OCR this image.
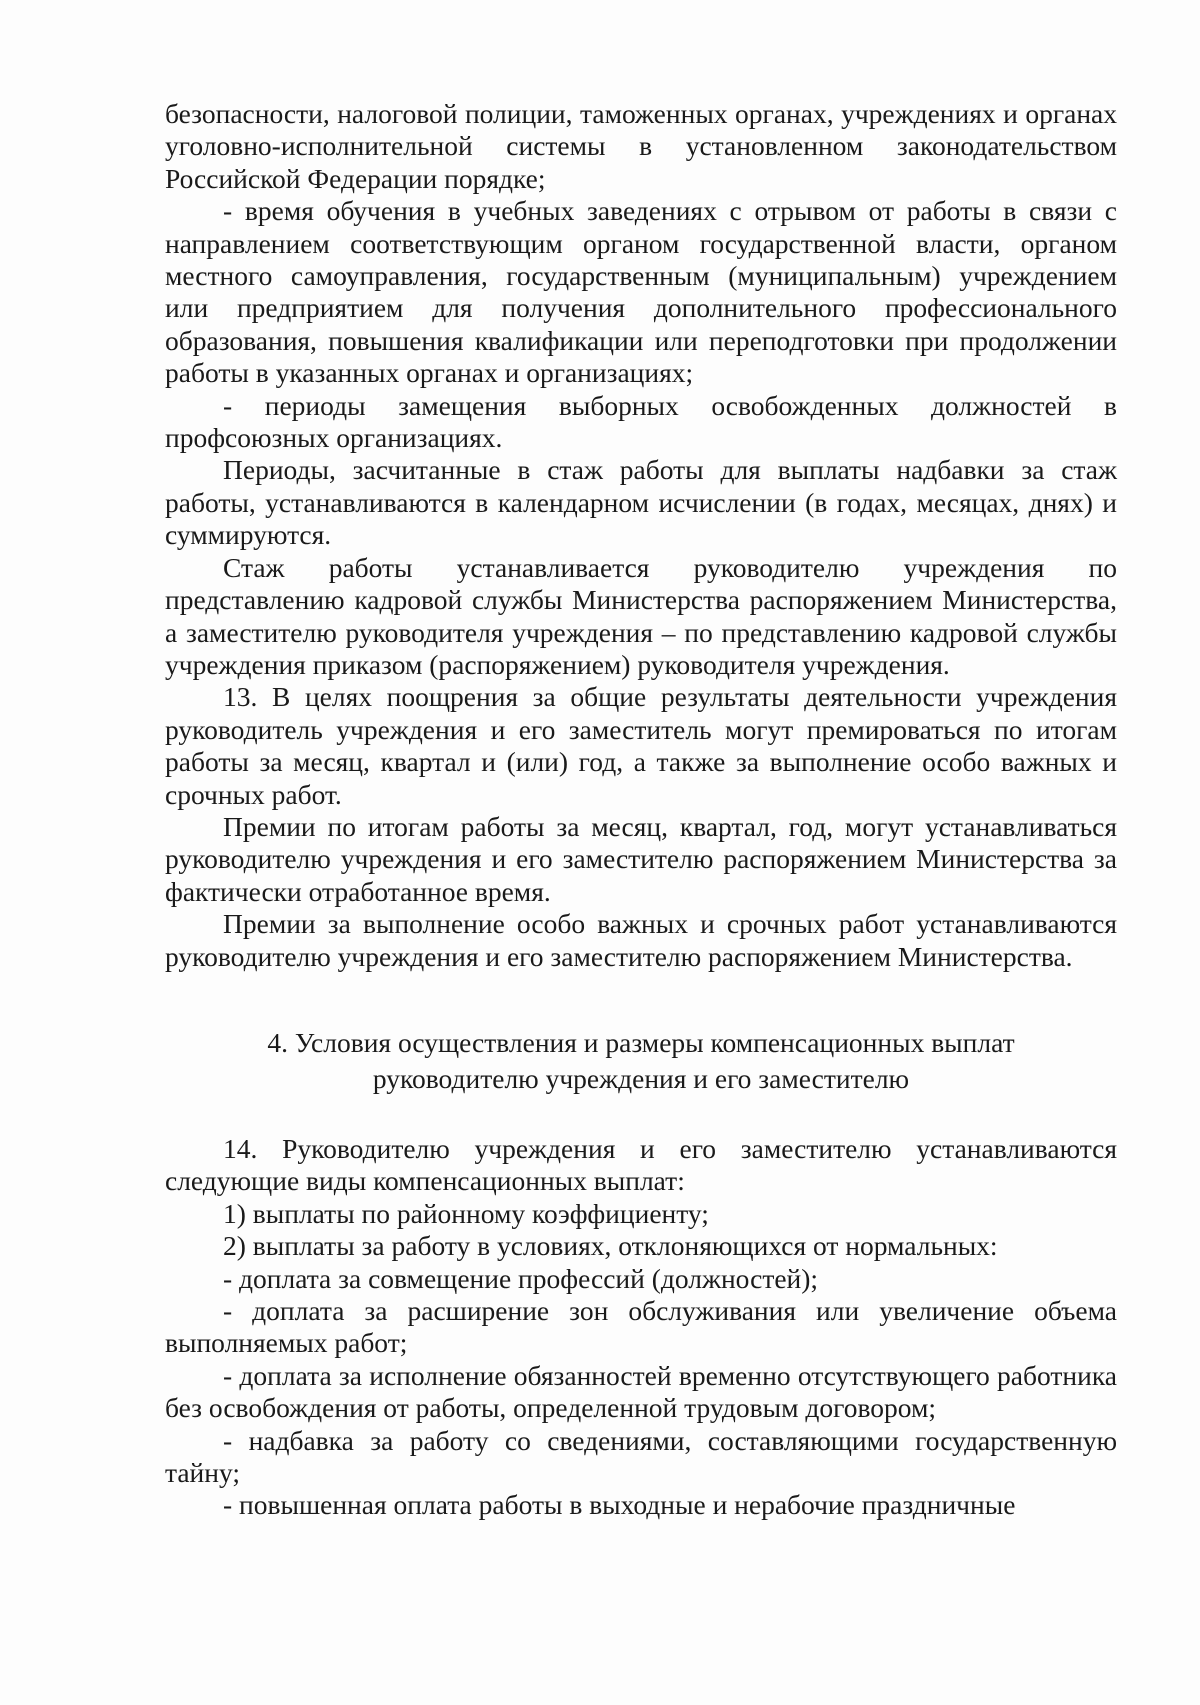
безопасности, налоговой полиции, таможенных органах, учреждениях и органах уголовно-исполнительной системы в установленном законодательством Российской Федерации порядке;

- время обучения в учебных заведениях с отрывом от работы в связи с направлением соответствующим органом государственной власти, органом местного самоуправления, государственным (муниципальным) учреждением или предприятием для получения дополнительного профессионального образования, повышения квалификации или переподготовки при продолжении работы в указанных органах и организациях;

- периоды замещения выборных освобожденных должностей в профсоюзных организациях.

Периоды, засчитанные в стаж работы для выплаты надбавки за стаж работы, устанавливаются в календарном исчислении (в годах, месяцах, днях) и суммируются.

Стаж работы устанавливается руководителю учреждения по представлению кадровой службы Министерства распоряжением Министерства, а заместителю руководителя учреждения – по представлению кадровой службы учреждения приказом (распоряжением) руководителя учреждения.

13. В целях поощрения за общие результаты деятельности учреждения руководитель учреждения и его заместитель могут премироваться по итогам работы за месяц, квартал и (или) год, а также за выполнение особо важных и срочных работ.

Премии по итогам работы за месяц, квартал, год, могут устанавливаться руководителю учреждения и его заместителю распоряжением Министерства за фактически отработанное время.

Премии за выполнение особо важных и срочных работ устанавливаются руководителю учреждения и его заместителю распоряжением Министерства.

4. Условия осуществления и размеры компенсационных выплат
руководителю учреждения и его заместителю

14. Руководителю учреждения и его заместителю устанавливаются следующие виды компенсационных выплат:

1) выплаты по районному коэффициенту;

2) выплаты за работу в условиях, отклоняющихся от нормальных:

- доплата за совмещение профессий (должностей);

- доплата за расширение зон обслуживания или увеличение объема выполняемых работ;

- доплата за исполнение обязанностей временно отсутствующего работника без освобождения от работы, определенной трудовым договором;

- надбавка за работу со сведениями, составляющими государственную тайну;

- повышенная оплата работы в выходные и нерабочие праздничные
